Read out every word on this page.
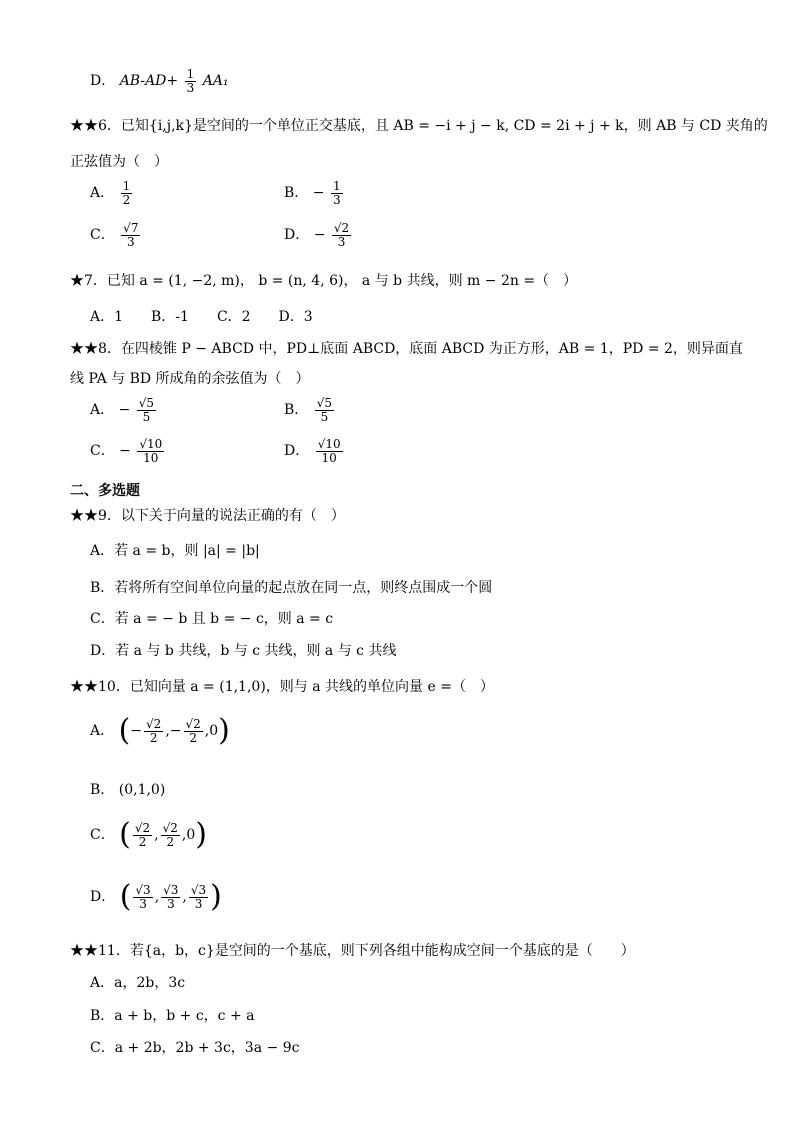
D． $AB-AD+ \frac{1}{3} AA_1$
★★6．已知{i,j,k}是空间的一个单位正交基底，且 AB = −i + j − k, CD = 2i + j + k，则 AB 与 CD 夹角的
正弦值为（　）
A． $\frac{1}{2}$	B． − $\frac{1}{3}$
C． $\frac{√7}{3}$	D． − $\frac{√2}{3}$
★7．已知 a = (1, −2, m)， b = (n, 4, 6)， a 与 b 共线，则 m − 2n =（　）
A．1　　B．-1　　C．2　　D．3
★★8．在四棱锥 P − ABCD 中，PD⊥底面 ABCD，底面 ABCD 为正方形，AB = 1，PD = 2，则异面直
线 PA 与 BD 所成角的余弦值为（　）
A． − $\frac{√5}{5}$	B． $\frac{√5}{5}$
C． − $\frac{√10}{10}$	D． $\frac{√10}{10}$
二、多选题
★★9．以下关于向量的说法正确的有（　）
A．若 a = b，则 |a| = |b|
B．若将所有空间单位向量的起点放在同一点，则终点围成一个圆
C．若 a = − b 且 b = − c，则 a = c
D．若 a 与 b 共线，b 与 c 共线，则 a 与 c 共线
★★10．已知向量 a = (1,1,0)，则与 a 共线的单位向量 e =（　）
A． (− $\frac{√2}{2}$ ,− $\frac{√2}{2} ,0$)
B． (0,1,0)
C． ( $\frac{√2}{2}$ , $\frac{√2}{2} ,0$)
D． ( $\frac{√3}{3}$ , $\frac{√3}{3}$ , $\frac{√3}{3}$ )
★★11．若{a，b，c}是空间的一个基底，则下列各组中能构成空间一个基底的是（　　）
A．a，2b，3c
B．a + b，b + c，c + a
C．a + 2b，2b + 3c，3a − 9c
